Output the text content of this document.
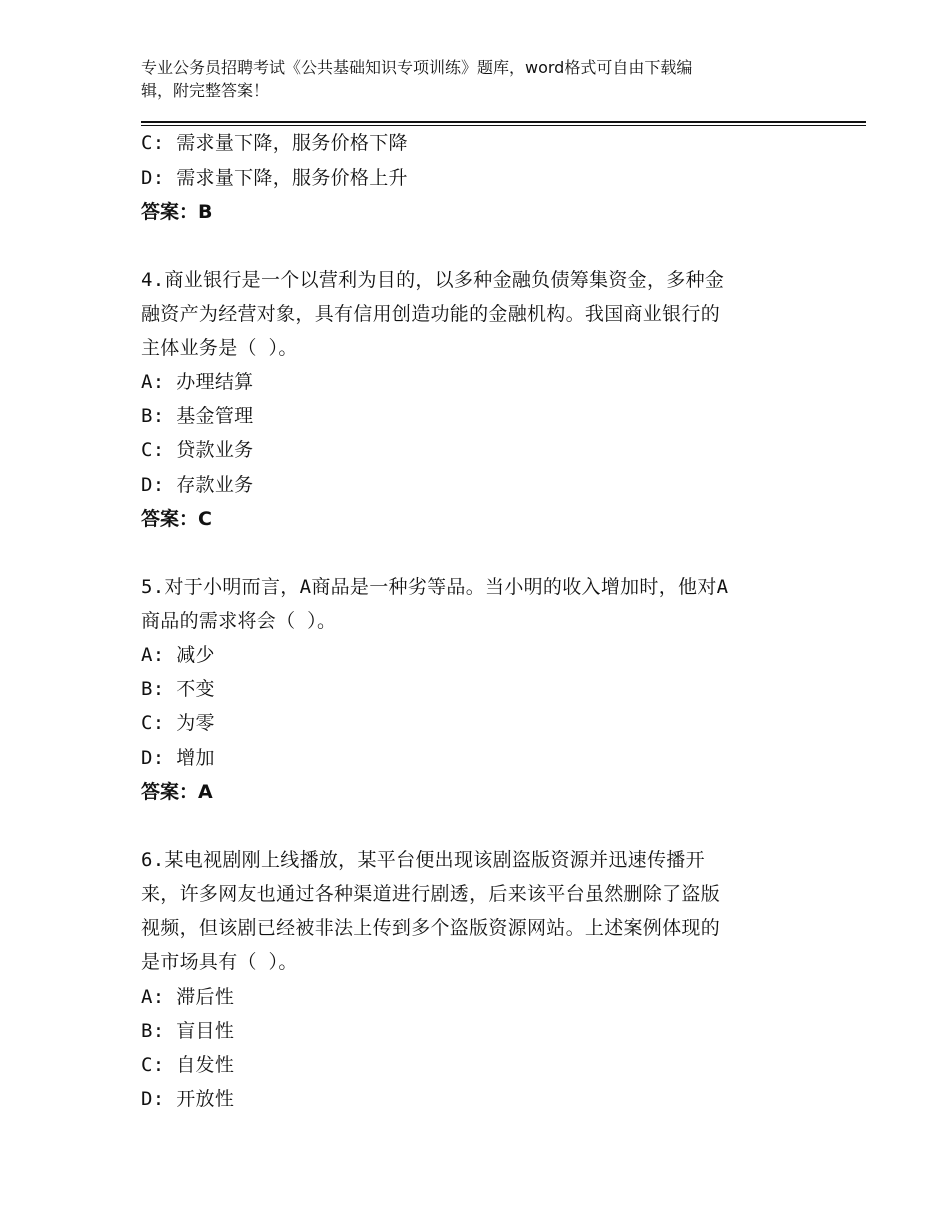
专业公务员招聘考试《公共基础知识专项训练》题库，word格式可自由下载编
辑，附完整答案！
C: 需求量下降，服务价格下降
D: 需求量下降，服务价格上升
答案：B
4.商业银行是一个以营利为目的，以多种金融负债筹集资金，多种金
融资产为经营对象，具有信用创造功能的金融机构。我国商业银行的
主体业务是（ ）。
A: 办理结算
B: 基金管理
C: 贷款业务
D: 存款业务
答案：C
5.对于小明而言，A商品是一种劣等品。当小明的收入增加时，他对A
商品的需求将会（ ）。
A: 减少
B: 不变
C: 为零
D: 增加
答案：A
6.某电视剧刚上线播放，某平台便出现该剧盗版资源并迅速传播开
来，许多网友也通过各种渠道进行剧透，后来该平台虽然删除了盗版
视频，但该剧已经被非法上传到多个盗版资源网站。上述案例体现的
是市场具有（ ）。
A: 滞后性
B: 盲目性
C: 自发性
D: 开放性
